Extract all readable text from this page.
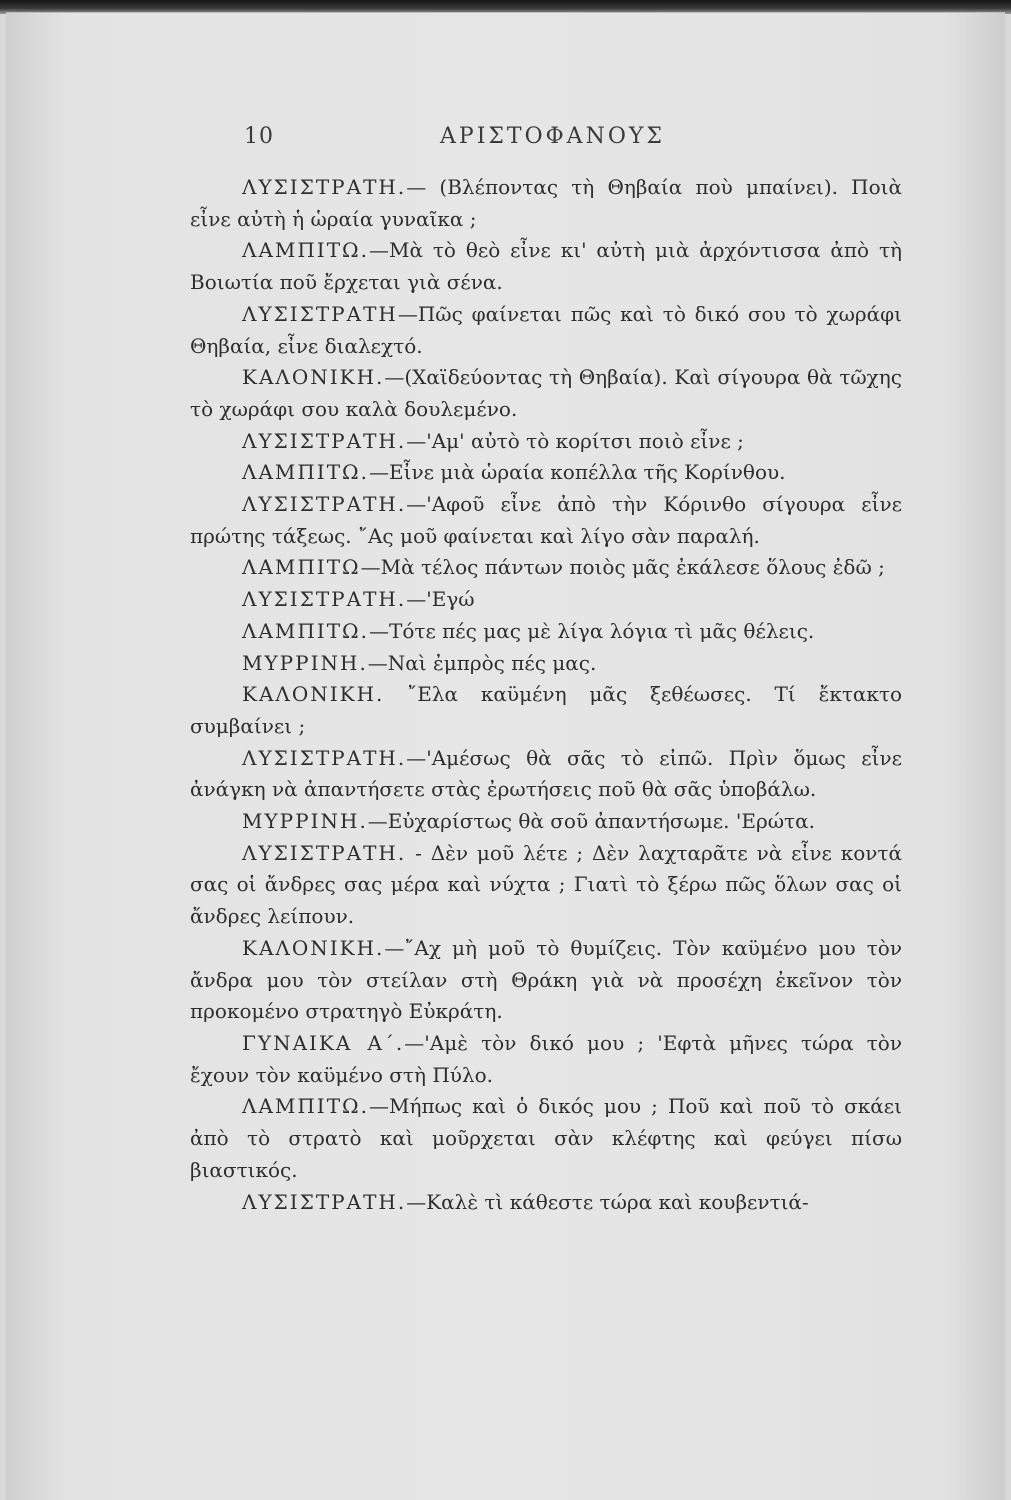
10	ΑΡΙΣΤΟΦΑΝΟΥΣ

ΛΥΣΙΣΤΡΑΤΗ.— (Βλέποντας τὴ Θηβαία ποὺ μπαίνει). Ποιὰ εἶνε αὐτὴ ἡ ὡραία γυναῖκα ;

ΛΑΜΠΙΤΩ.—Μὰ τὸ θεὸ εἶνε κι' αὐτὴ μιὰ ἀρχόντισσα ἀπὸ τὴ Βοιωτία ποῦ ἔρχεται γιὰ σένα.

ΛΥΣΙΣΤΡΑΤΗ—Πῶς φαίνεται πῶς καὶ τὸ δικό σου τὸ χωράφι Θηβαία, εἶνε διαλεχτό.

ΚΑΛΟΝΙΚΗ.—(Χαϊδεύοντας τὴ Θηβαία). Καὶ σίγουρα θὰ τῶχης τὸ χωράφι σου καλὰ δουλεμένο.

ΛΥΣΙΣΤΡΑΤΗ.—'Αμ' αὐτὸ τὸ κορίτσι ποιὸ εἶνε ;

ΛΑΜΠΙΤΩ.—Εἶνε μιὰ ὡραία κοπέλλα τῆς Κορίνθου.

ΛΥΣΙΣΤΡΑΤΗ.—'Αφοῦ εἶνε ἀπὸ τὴν Κόρινθο σίγουρα εἶνε πρώτης τάξεως. ῎Ας μοῦ φαίνεται καὶ λίγο σὰν παραλή.

ΛΑΜΠΙΤΩ—Μὰ τέλος πάντων ποιὸς μᾶς ἐκάλεσε ὅλους ἐδῶ ;

ΛΥΣΙΣΤΡΑΤΗ.—'Εγώ

ΛΑΜΠΙΤΩ.—Τότε πές μας μὲ λίγα λόγια τὶ μᾶς θέλεις.

ΜΥΡΡΙΝΗ.—Ναὶ ἐμπρὸς πές μας.

ΚΑΛΟΝΙΚΗ. ῎Ελα καϋμένη μᾶς ξεθέωσες. Τί ἔκτακτο συμβαίνει ;

ΛΥΣΙΣΤΡΑΤΗ.—'Αμέσως θὰ σᾶς τὸ εἰπῶ. Πρὶν ὅμως εἶνε ἀνάγκη νὰ ἀπαντήσετε στὰς ἐρωτήσεις ποῦ θὰ σᾶς ὑποβάλω.

ΜΥΡΡΙΝΗ.—Εὐχαρίστως θὰ σοῦ ἀπαντήσωμε. 'Ερώτα.

ΛΥΣΙΣΤΡΑΤΗ. - Δὲν μοῦ λέτε ; Δὲν λαχταρᾶτε νὰ εἶνε κοντά σας οἱ ἄνδρες σας μέρα καὶ νύχτα ; Γιατὶ τὸ ξέρω πῶς ὅλων σας οἱ ἄνδρες λείπουν.

ΚΑΛΟΝΙΚΗ.—῎Αχ μὴ μοῦ τὸ θυμίζεις. Τὸν καϋμένο μου τὸν ἄνδρα μου τὸν στείλαν στὴ Θράκη γιὰ νὰ προσέχη ἐκεῖνον τὸν προκομένο στρατηγὸ Εὐκράτη.

ΓΥΝΑΙΚΑ Α΄.—'Αμὲ τὸν δικό μου ; 'Εφτὰ μῆνες τώρα τὸν ἔχουν τὸν καϋμένο στὴ Πύλο.

ΛΑΜΠΙΤΩ.—Μήπως καὶ ὁ δικός μου ; Ποῦ καὶ ποῦ τὸ σκάει ἀπὸ τὸ στρατὸ καὶ μοῦρχεται σὰν κλέφτης καὶ φεύγει πίσω βιαστικός.

ΛΥΣΙΣΤΡΑΤΗ.—Καλὲ τὶ κάθεστε τώρα καὶ κουβεντιά-
